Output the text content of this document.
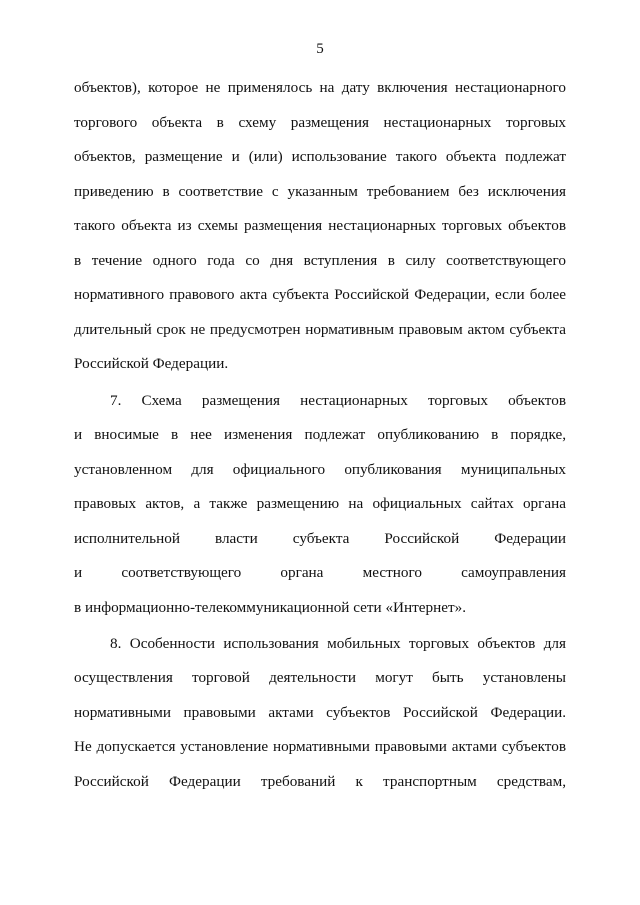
5
объектов), которое не применялось на дату включения нестационарного
торгового объекта в схему размещения нестационарных торговых
объектов, размещение и (или) использование такого объекта подлежат
приведению в соответствие с указанным требованием без исключения
такого объекта из схемы размещения нестационарных торговых объектов
в течение одного года со дня вступления в силу соответствующего
нормативного правового акта субъекта Российской Федерации, если более
длительный срок не предусмотрен нормативным правовым актом субъекта
Российской Федерации.
7. Схема размещения нестационарных торговых объектов
и вносимые в нее изменения подлежат опубликованию в порядке,
установленном для официального опубликования муниципальных
правовых актов, а также размещению на официальных сайтах органа
исполнительной власти субъекта Российской Федерации
и соответствующего органа местного самоуправления
в информационно-телекоммуникационной сети «Интернет».
8. Особенности использования мобильных торговых объектов для
осуществления торговой деятельности могут быть установлены
нормативными правовыми актами субъектов Российской Федерации.
Не допускается установление нормативными правовыми актами субъектов
Российской Федерации требований к транспортным средствам,
